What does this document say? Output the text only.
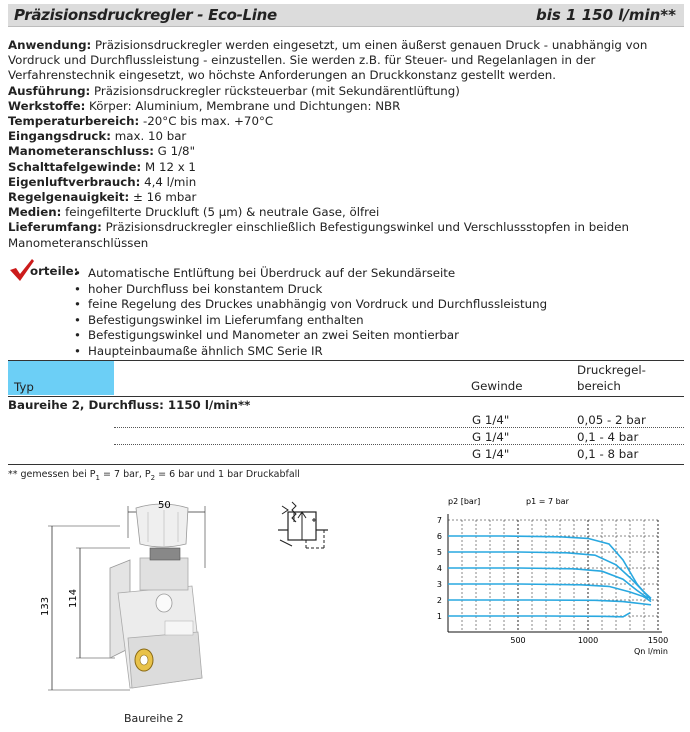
Präzisionsdruckregler - Eco-Line	bis 1 150 l/min**

Anwendung: Präzisionsdruckregler werden eingesetzt, um einen äußerst genauen Druck - unabhängig von Vordruck und Durchflussleistung - einzustellen. Sie werden z.B. für Steuer- und Regelanlagen in der Verfahrenstechnik eingesetzt, wo höchste Anforderungen an Druckkonstanz gestellt werden.

Ausführung: Präzisionsdruckregler rücksteuerbar (mit Sekundärentlüftung)

Werkstoffe: Körper: Aluminium, Membrane und Dichtungen: NBR

Temperaturbereich: -20°C bis max. +70°C

Eingangsdruck: max. 10 bar

Manometeranschluss: G 1/8"

Schalttafelgewinde: M 12 x 1

Eigenluftverbrauch: 4,4 l/min

Regelgenauigkeit: ± 16 mbar

Medien: feingefilterte Druckluft (5 µm) & neutrale Gase, ölfrei

Lieferumfang: Präzisionsdruckregler einschließlich Befestigungswinkel und Verschlussstopfen in beiden Manometeranschlüssen

orteile:
• Automatische Entlüftung bei Überdruck auf der Sekundärseite
• hoher Durchfluss bei konstantem Druck
• feine Regelung des Druckes unabhängig von Vordruck und Durchflussleistung
• Befestigungswinkel im Lieferumfang enthalten
• Befestigungswinkel und Manometer an zwei Seiten montierbar
• Haupteinbaumaße ähnlich SMC Serie IR
Typ	Gewinde
Druckregel-
bereich
Baureihe 2, Durchfluss: 1150 l/min**
G 1/4"	0,05 - 2 bar
G 1/4"	0,1 - 4 bar
G 1/4"	0,1 - 8 bar
** gemessen bei $P_1 = 7$ bar, $P_2 = 6$ bar und 1 bar Druckabfall
50
133 114
Baureihe 2
1
2
3
4
5
6
7
500	1000	1500
p2 [bar]	p1 = 7 bar
Qn l/min
